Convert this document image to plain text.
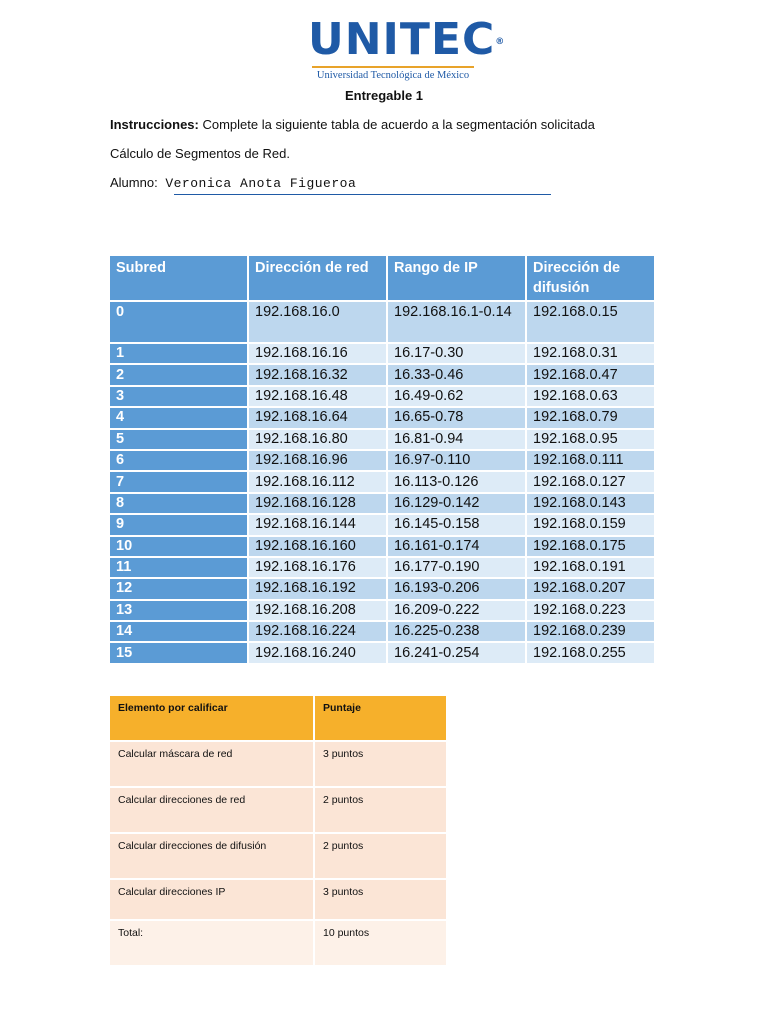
UNITEC®
Universidad Tecnológica de México
Entregable 1
Instrucciones: Complete la siguiente tabla de acuerdo a la segmentación solicitada
Cálculo de Segmentos de Red.
Alumno: Veronica Anota Figueroa
Subred	Dirección de red	Rango de IP	Dirección de difusión
0	192.168.16.0	192.168.16.1-0.14	192.168.0.15
1	192.168.16.16	16.17-0.30	192.168.0.31
2	192.168.16.32	16.33-0.46	192.168.0.47
3	192.168.16.48	16.49-0.62	192.168.0.63
4	192.168.16.64	16.65-0.78	192.168.0.79
5	192.168.16.80	16.81-0.94	192.168.0.95
6	192.168.16.96	16.97-0.110	192.168.0.111
7	192.168.16.112	16.113-0.126	192.168.0.127
8	192.168.16.128	16.129-0.142	192.168.0.143
9	192.168.16.144	16.145-0.158	192.168.0.159
10	192.168.16.160	16.161-0.174	192.168.0.175
11	192.168.16.176	16.177-0.190	192.168.0.191
12	192.168.16.192	16.193-0.206	192.168.0.207
13	192.168.16.208	16.209-0.222	192.168.0.223
14	192.168.16.224	16.225-0.238	192.168.0.239
15	192.168.16.240	16.241-0.254	192.168.0.255
Elemento por calificar	Puntaje
Calcular máscara de red	3 puntos
Calcular direcciones de red	2 puntos
Calcular direcciones de difusión	2 puntos
Calcular direcciones IP	3 puntos
Total:	10 puntos
